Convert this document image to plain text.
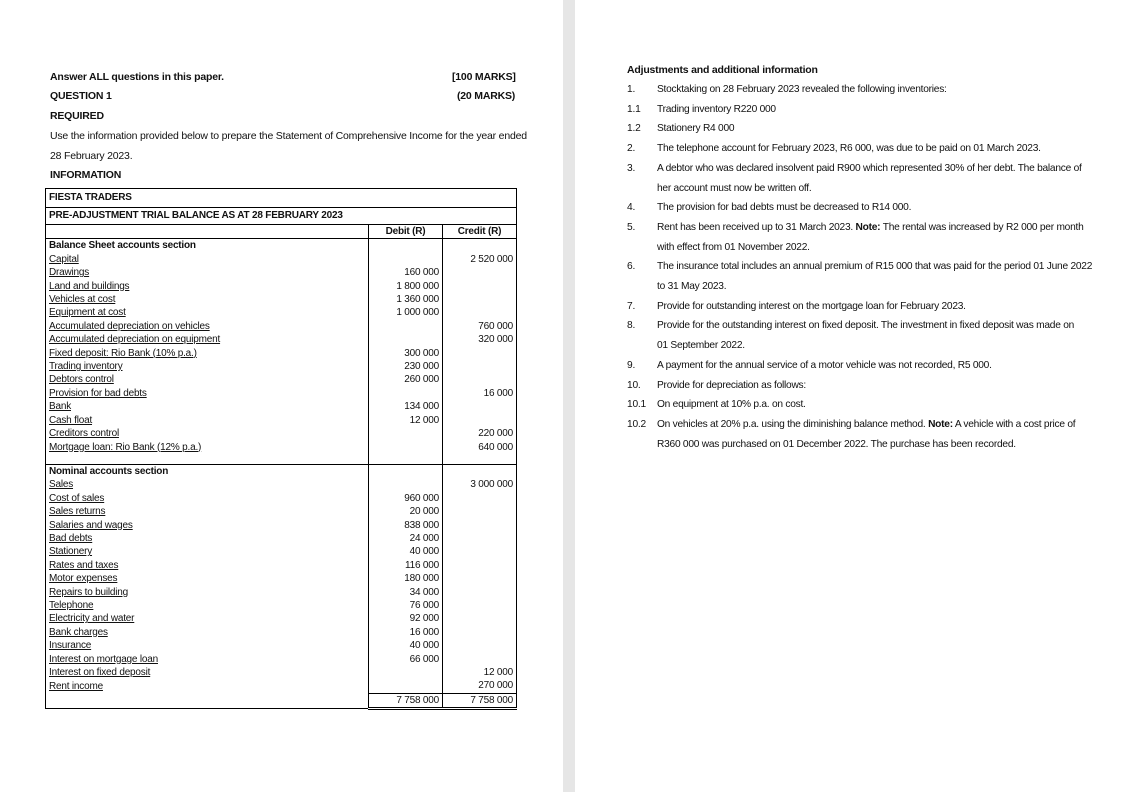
Answer ALL questions in this paper.	[100 MARKS]
QUESTION 1	(20 MARKS)
REQUIRED
Use the information provided below to prepare the Statement of Comprehensive Income for the year ended
28 February 2023.
INFORMATION
FIESTA TRADERS		
PRE-ADJUSTMENT TRIAL BALANCE AS AT 28 FEBRUARY 2023		
	Debit (R)	Credit (R)
Balance Sheet accounts section		
Capital		2 520 000
Drawings	160 000	
Land and buildings	1 800 000	
Vehicles at cost	1 360 000	
Equipment at cost	1 000 000	
Accumulated depreciation on vehicles		760 000
Accumulated depreciation on equipment		320 000
Fixed deposit: Rio Bank (10% p.a.)	300 000	
Trading inventory	230 000	
Debtors control	260 000	
Provision for bad debts		16 000
Bank	134 000	
Cash float	12 000	
Creditors control		220 000
Mortgage loan: Rio Bank (12% p.a.)		640 000

Nominal accounts section		
Sales		3 000 000
Cost of sales	960 000	
Sales returns	20 000	
Salaries and wages	838 000	
Bad debts	24 000	
Stationery	40 000	
Rates and taxes	116 000	
Motor expenses	180 000	
Repairs to building	34 000	
Telephone	76 000	
Electricity and water	92 000	
Bank charges	16 000	
Insurance	40 000	
Interest on mortgage loan	66 000	
Interest on fixed deposit		12 000
Rent income		270 000
	7 758 000	7 758 000
Adjustments and additional information
1. Stocktaking on 28 February 2023 revealed the following inventories:
1.1 Trading inventory R220 000
1.2 Stationery R4 000
2. The telephone account for February 2023, R6 000, was due to be paid on 01 March 2023.
3. A debtor who was declared insolvent paid R900 which represented 30% of her debt. The balance of
her account must now be written off.
4. The provision for bad debts must be decreased to R14 000.
5. Rent has been received up to 31 March 2023. Note: The rental was increased by R2 000 per month
with effect from 01 November 2022.
6. The insurance total includes an annual premium of R15 000 that was paid for the period 01 June 2022
to 31 May 2023.
7. Provide for outstanding interest on the mortgage loan for February 2023.
8. Provide for the outstanding interest on fixed deposit. The investment in fixed deposit was made on
01 September 2022.
9. A payment for the annual service of a motor vehicle was not recorded, R5 000.
10. Provide for depreciation as follows:
10.1 On equipment at 10% p.a. on cost.
10.2 On vehicles at 20% p.a. using the diminishing balance method. Note: A vehicle with a cost price of
R360 000 was purchased on 01 December 2022. The purchase has been recorded.
